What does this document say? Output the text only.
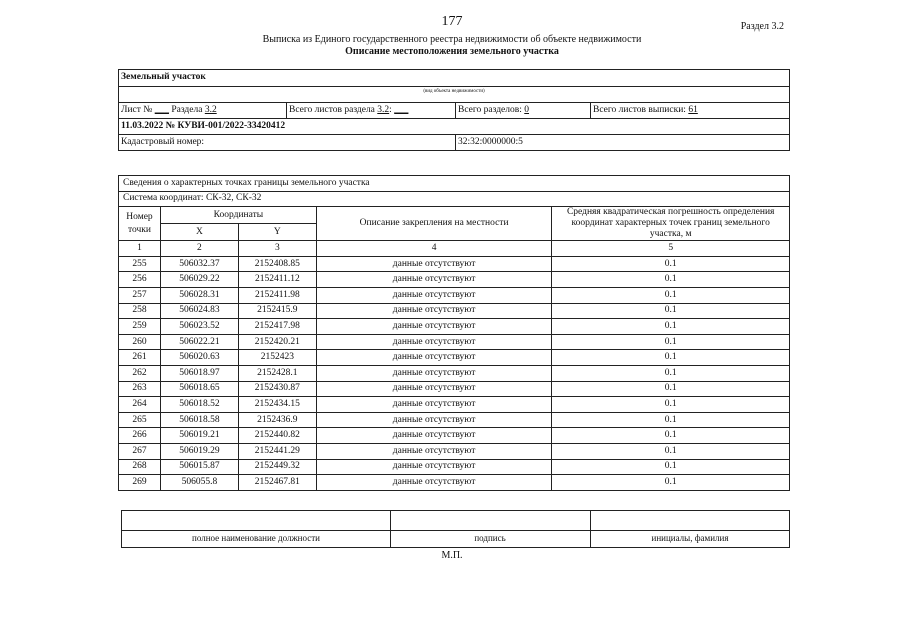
177	Раздел 3.2
Выписка из Единого государственного реестра недвижимости об объекте недвижимости
Описание местоположения земельного участка
Земельный участок
(вид объекта недвижимости)
Лист № ___ Раздела 3.2	Всего листов раздела 3.2: ___	Всего разделов: 0	Всего листов выписки: 61
11.03.2022 № КУВИ-001/2022-33420412
Кадастровый номер:	32:32:0000000:5
Сведения о характерных точках границы земельного участка				
Система координат: СК-32, СК-32				
Номер точки	Координаты		Описание закрепления на местности	Средняя квадратическая погрешность определения координат характерных точек границ земельного участка, м
	X	Y		
1	2	3	4	5
255	506032.37	2152408.85	данные отсутствуют	0.1
256	506029.22	2152411.12	данные отсутствуют	0.1
257	506028.31	2152411.98	данные отсутствуют	0.1
258	506024.83	2152415.9	данные отсутствуют	0.1
259	506023.52	2152417.98	данные отсутствуют	0.1
260	506022.21	2152420.21	данные отсутствуют	0.1
261	506020.63	2152423	данные отсутствуют	0.1
262	506018.97	2152428.1	данные отсутствуют	0.1
263	506018.65	2152430.87	данные отсутствуют	0.1
264	506018.52	2152434.15	данные отсутствуют	0.1
265	506018.58	2152436.9	данные отсутствуют	0.1
266	506019.21	2152440.82	данные отсутствуют	0.1
267	506019.29	2152441.29	данные отсутствуют	0.1
268	506015.87	2152449.32	данные отсутствуют	0.1
269	506055.8	2152467.81	данные отсутствуют	0.1
полное наименование должности	подпись	инициалы, фамилия
М.П.
